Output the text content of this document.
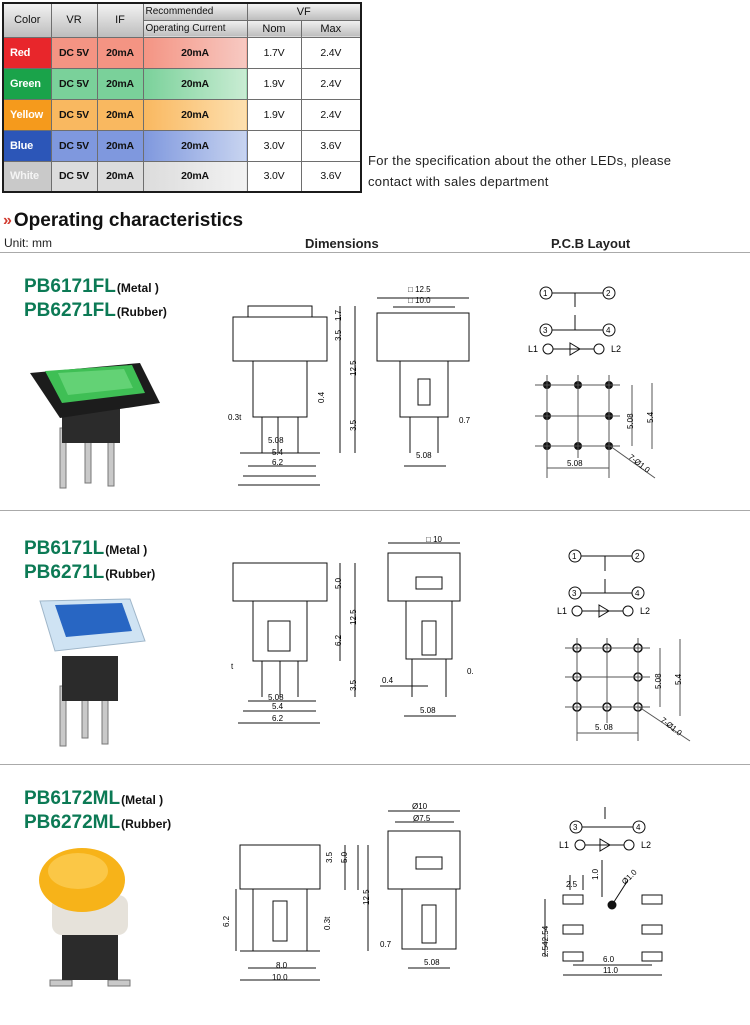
Color	VR	IF	Recommended	VF	
			Operating Current	Nom	Max
Red	DC 5V	20mA	20mA	1.7V	2.4V
Green	DC 5V	20mA	20mA	1.9V	2.4V
Yellow	DC 5V	20mA	20mA	1.9V	2.4V
Blue	DC 5V	20mA	20mA	3.0V	3.6V
White	DC 5V	20mA	20mA	3.0V	3.6V
For the specification about the other LEDs, please
contact with sales department
» Operating characteristics
Unit: mm	Dimensions	P.C.B Layout
PB6171FL(Metal )
PB6271FL(Rubber)
3.5
1.7
12.5
0.4
3.5
0.3t
5.08
5.4
6.2
□ 12.5
□ 10.0
0.7
5.08
1	2
3	4
L1	L2
5.08 5.4
5.08	7-Ø1.0
PB6171L(Metal )
PB6271L(Rubber)
5.0
12.5
6.2
3.5
t
5.08
5.4
6.2
□ 10
0.4
0.
5.08
1	2
3	4
L1	L2
5.08 5.4
5. 08	7-Ø1.0
PB6172ML(Metal )
PB6272ML(Rubber)
3.5 5.0
12.5
6.2	0.3t
8.0
10.0
Ø10
Ø7.5
0.7
5.08
3	4
L1	L2
2.5
1.0	Ø1.0
2.542.54
6.0
11.0
